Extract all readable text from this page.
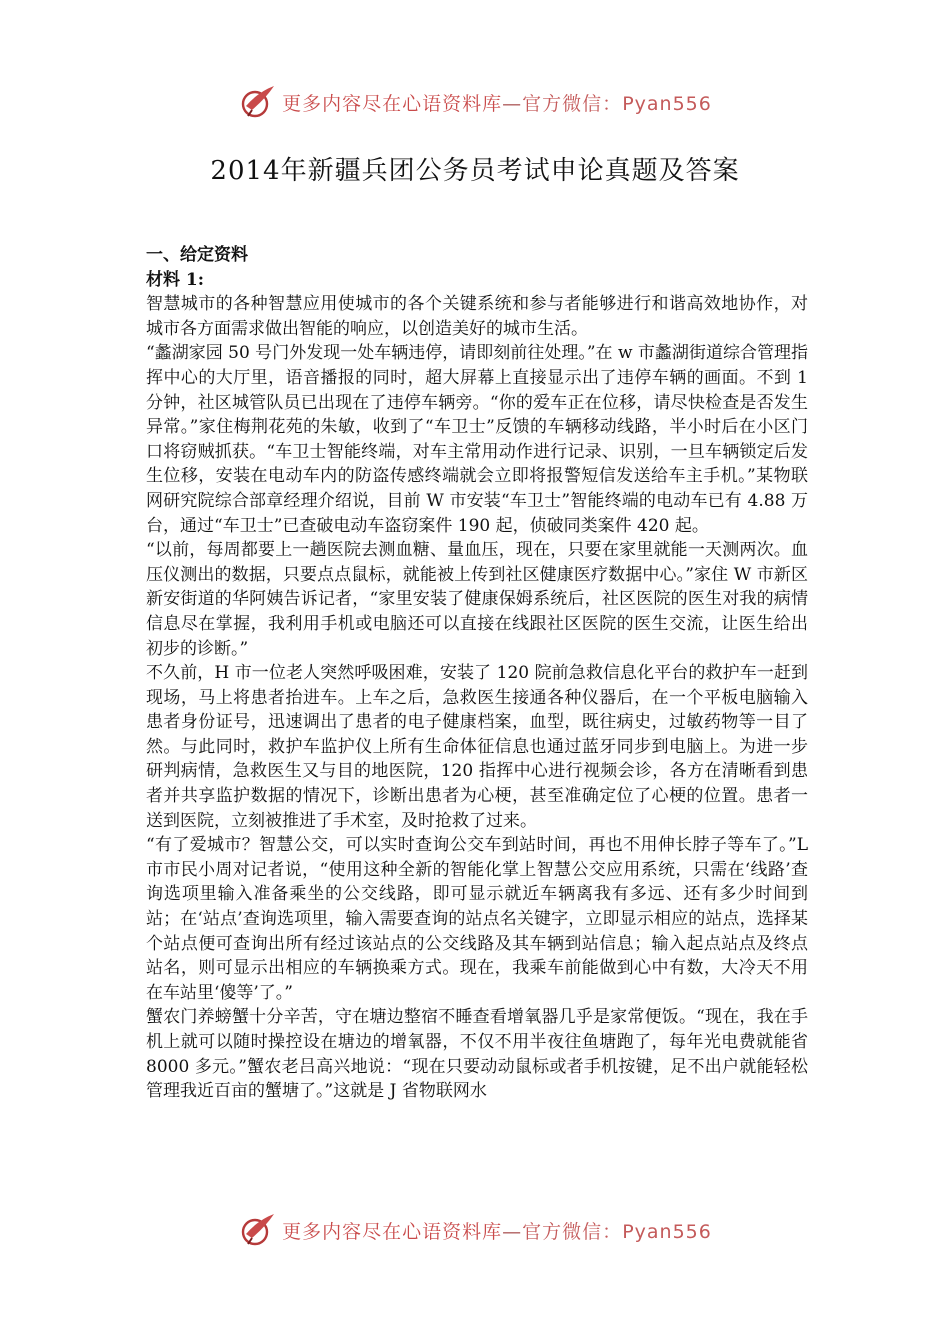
更多内容尽在心语资料库—官方微信：Pyan556
2014年新疆兵团公务员考试申论真题及答案

一、给定资料

材料 1:

智慧城市的各种智慧应用使城市的各个关键系统和参与者能够进行和谐高效地协作，对城市各方面需求做出智能的响应，以创造美好的城市生活。

“蠡湖家园 50 号门外发现一处车辆违停，请即刻前往处理。”在 w 市蠡湖街道综合管理指挥中心的大厅里，语音播报的同时，超大屏幕上直接显示出了违停车辆的画面。不到 1 分钟，社区城管队员已出现在了违停车辆旁。“你的爱车正在位移，请尽快检查是否发生异常。”家住梅荆花苑的朱敏，收到了“车卫士”反馈的车辆移动线路，半小时后在小区门口将窃贼抓获。“车卫士智能终端，对车主常用动作进行记录、识别，一旦车辆锁定后发生位移，安装在电动车内的防盗传感终端就会立即将报警短信发送给车主手机。”某物联网研究院综合部章经理介绍说，目前 W 市安装“车卫士”智能终端的电动车已有 4.88 万台，通过“车卫士”已查破电动车盗窃案件 190 起，侦破同类案件 420 起。

“以前，每周都要上一趟医院去测血糖、量血压，现在，只要在家里就能一天测两次。血压仪测出的数据，只要点点鼠标，就能被上传到社区健康医疗数据中心。”家住 W 市新区新安街道的华阿姨告诉记者，“家里安装了健康保姆系统后，社区医院的医生对我的病情信息尽在掌握，我利用手机或电脑还可以直接在线跟社区医院的医生交流，让医生给出初步的诊断。”

不久前，H 市一位老人突然呼吸困难，安装了 120 院前急救信息化平台的救护车一赶到现场，马上将患者抬进车。上车之后，急救医生接通各种仪器后，在一个平板电脑输入患者身份证号，迅速调出了患者的电子健康档案，血型，既往病史，过敏药物等一目了然。与此同时，救护车监护仪上所有生命体征信息也通过蓝牙同步到电脑上。为进一步研判病情，急救医生又与目的地医院，120 指挥中心进行视频会诊，各方在清晰看到患者并共享监护数据的情况下，诊断出患者为心梗，甚至准确定位了心梗的位置。患者一送到医院，立刻被推进了手术室，及时抢救了过来。

“有了爱城市？智慧公交，可以实时查询公交车到站时间，再也不用伸长脖子等车了。”L 市市民小周对记者说，“使用这种全新的智能化掌上智慧公交应用系统，只需在‘线路’查询选项里输入准备乘坐的公交线路，即可显示就近车辆离我有多远、还有多少时间到站；在‘站点’查询选项里，输入需要查询的站点名关键字，立即显示相应的站点，选择某个站点便可查询出所有经过该站点的公交线路及其车辆到站信息；输入起点站点及终点站名，则可显示出相应的车辆换乘方式。现在，我乘车前能做到心中有数，大冷天不用在车站里‘傻等’了。”

蟹农门养螃蟹十分辛苦，守在塘边整宿不睡查看增氧器几乎是家常便饭。“现在，我在手机上就可以随时操控设在塘边的增氧器，不仅不用半夜往鱼塘跑了，每年光电费就能省 8000 多元。”蟹农老吕高兴地说：“现在只要动动鼠标或者手机按键，足不出户就能轻松管理我近百亩的蟹塘了。”这就是 J 省物联网水

更多内容尽在心语资料库—官方微信：Pyan556
